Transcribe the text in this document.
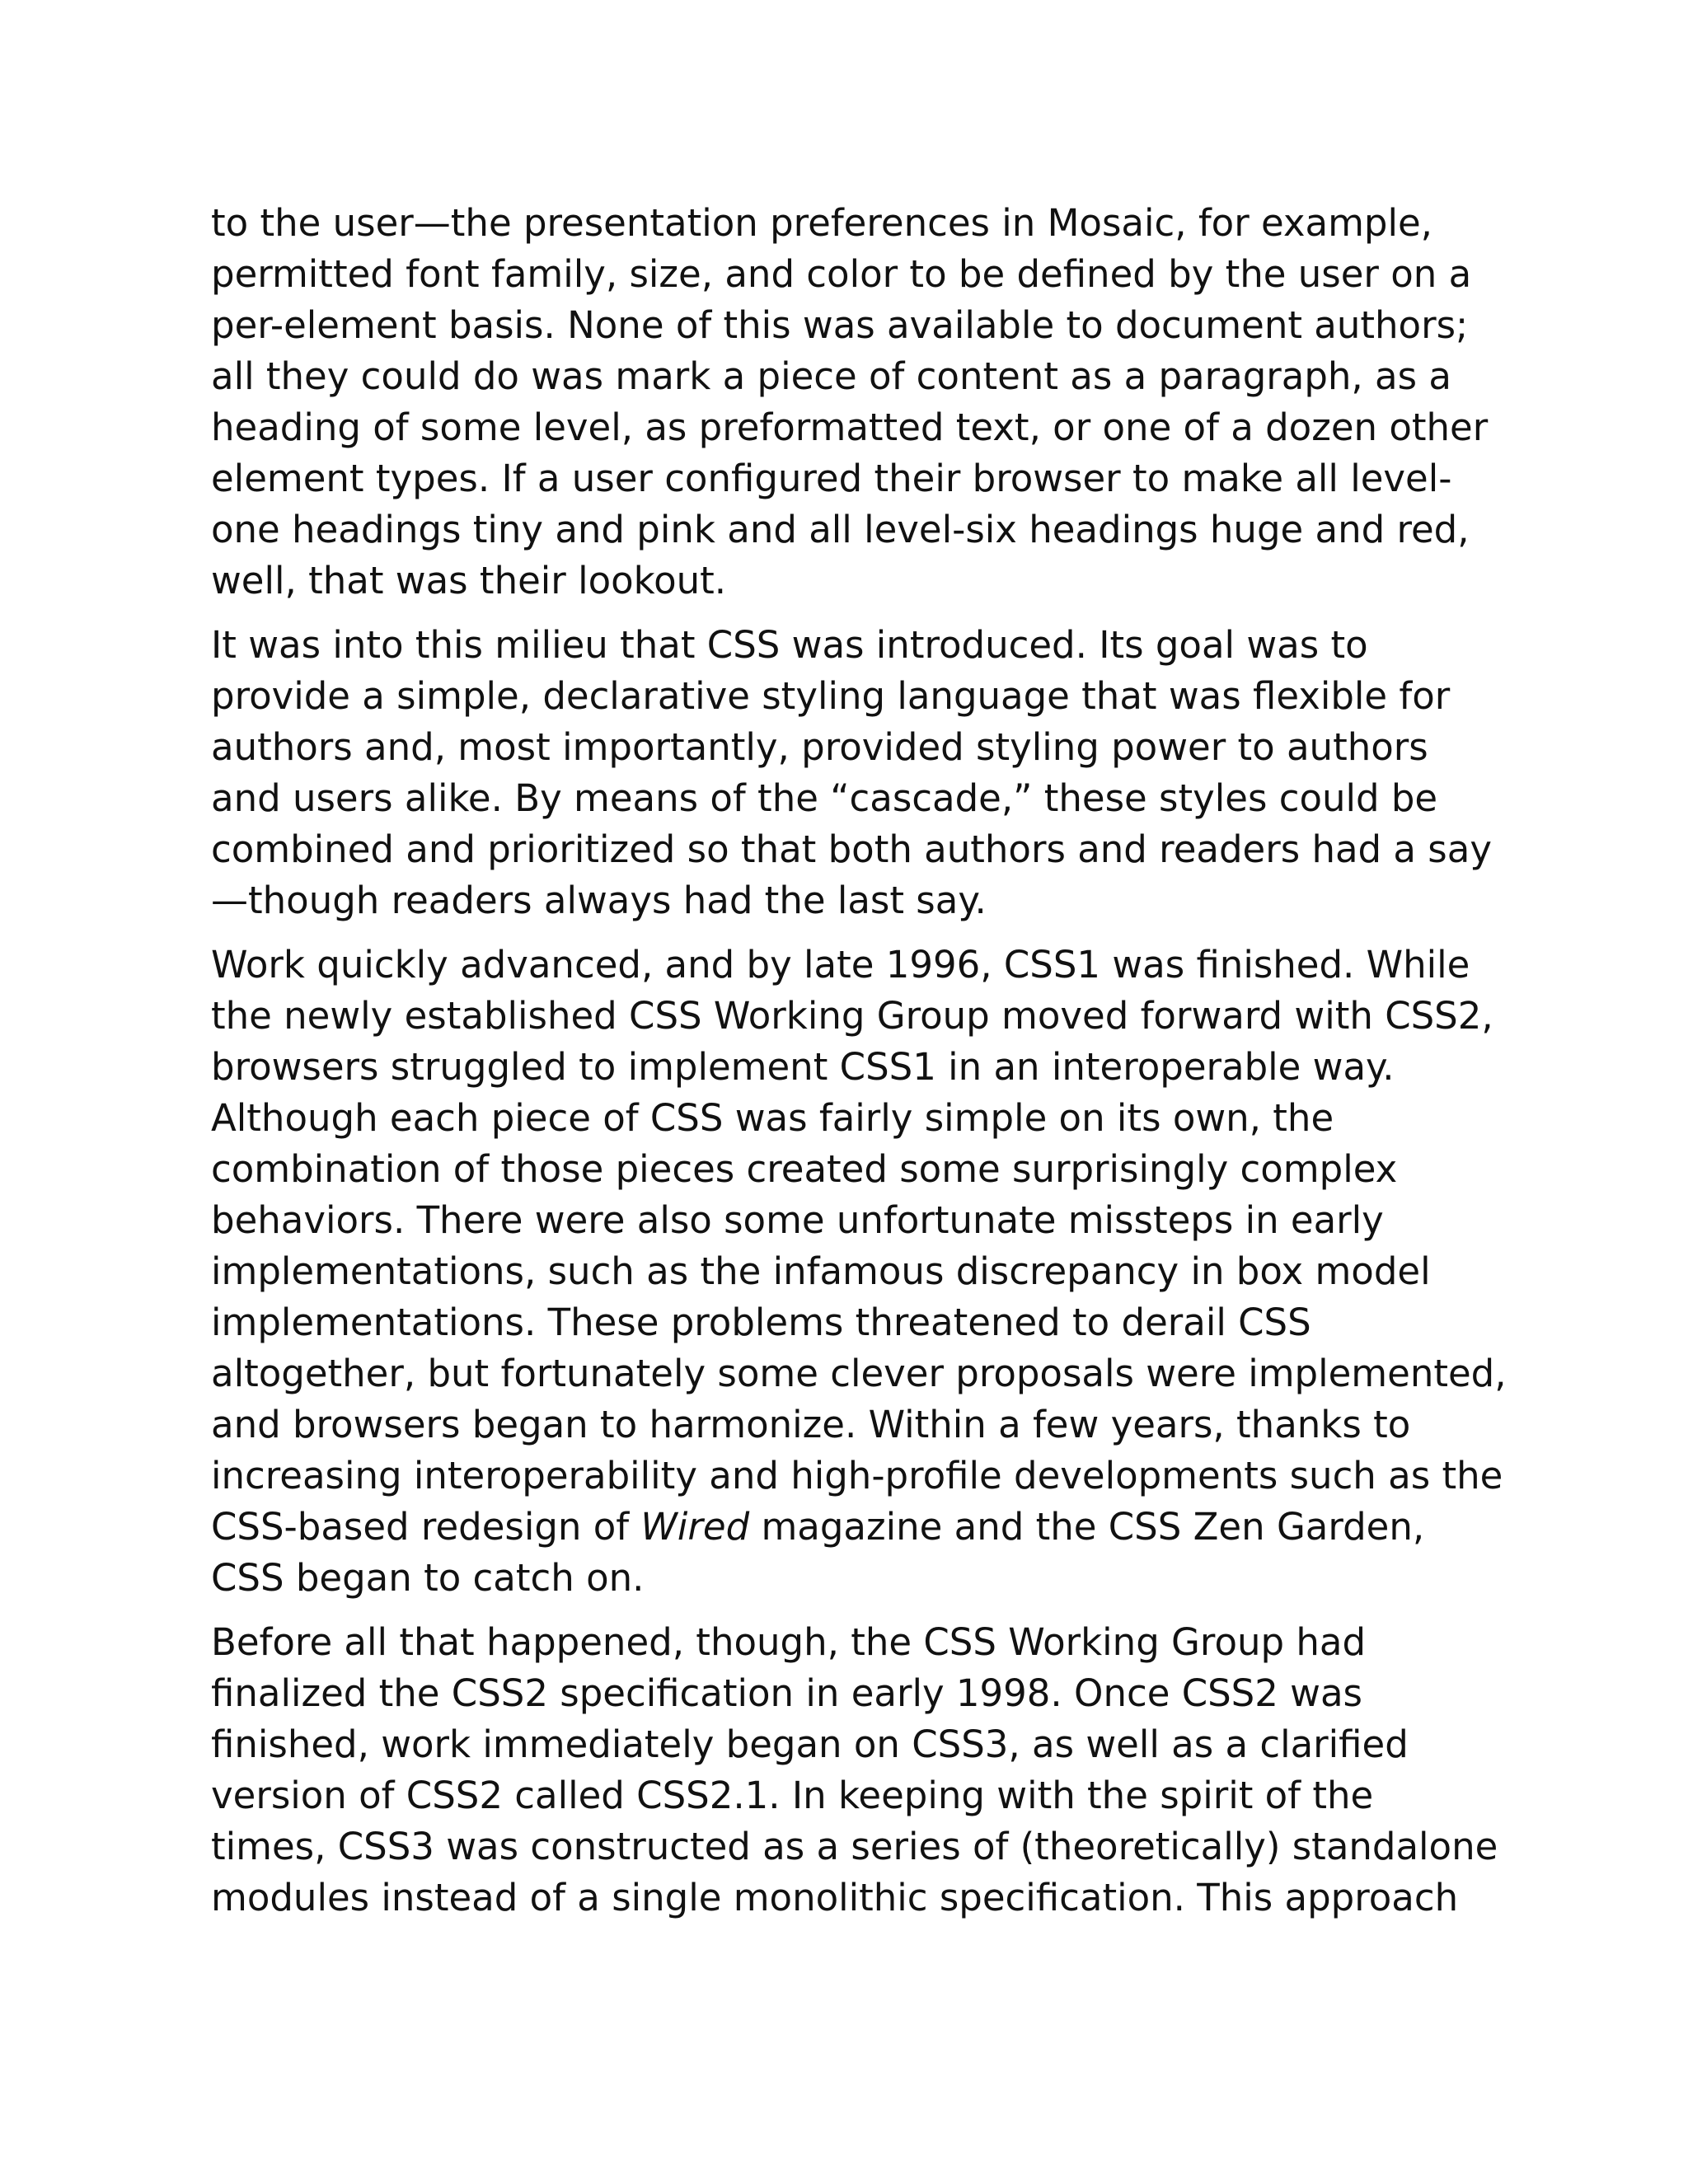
to the user—the presentation preferences in Mosaic, for example,
permitted font family, size, and color to be defined by the user on a
per-element basis. None of this was available to document authors;
all they could do was mark a piece of content as a paragraph, as a
heading of some level, as preformatted text, or one of a dozen other
element types. If a user configured their browser to make all level-
one headings tiny and pink and all level-six headings huge and red,
well, that was their lookout.

It was into this milieu that CSS was introduced. Its goal was to
provide a simple, declarative styling language that was flexible for
authors and, most importantly, provided styling power to authors
and users alike. By means of the “cascade,” these styles could be
combined and prioritized so that both authors and readers had a say
—though readers always had the last say.

Work quickly advanced, and by late 1996, CSS1 was finished. While
the newly established CSS Working Group moved forward with CSS2,
browsers struggled to implement CSS1 in an interoperable way.
Although each piece of CSS was fairly simple on its own, the
combination of those pieces created some surprisingly complex
behaviors. There were also some unfortunate missteps in early
implementations, such as the infamous discrepancy in box model
implementations. These problems threatened to derail CSS
altogether, but fortunately some clever proposals were implemented,
and browsers began to harmonize. Within a few years, thanks to
increasing interoperability and high-profile developments such as the
CSS-based redesign of Wired magazine and the CSS Zen Garden,
CSS began to catch on.

Before all that happened, though, the CSS Working Group had
finalized the CSS2 specification in early 1998. Once CSS2 was
finished, work immediately began on CSS3, as well as a clarified
version of CSS2 called CSS2.1. In keeping with the spirit of the
times, CSS3 was constructed as a series of (theoretically) standalone
modules instead of a single monolithic specification. This approach
